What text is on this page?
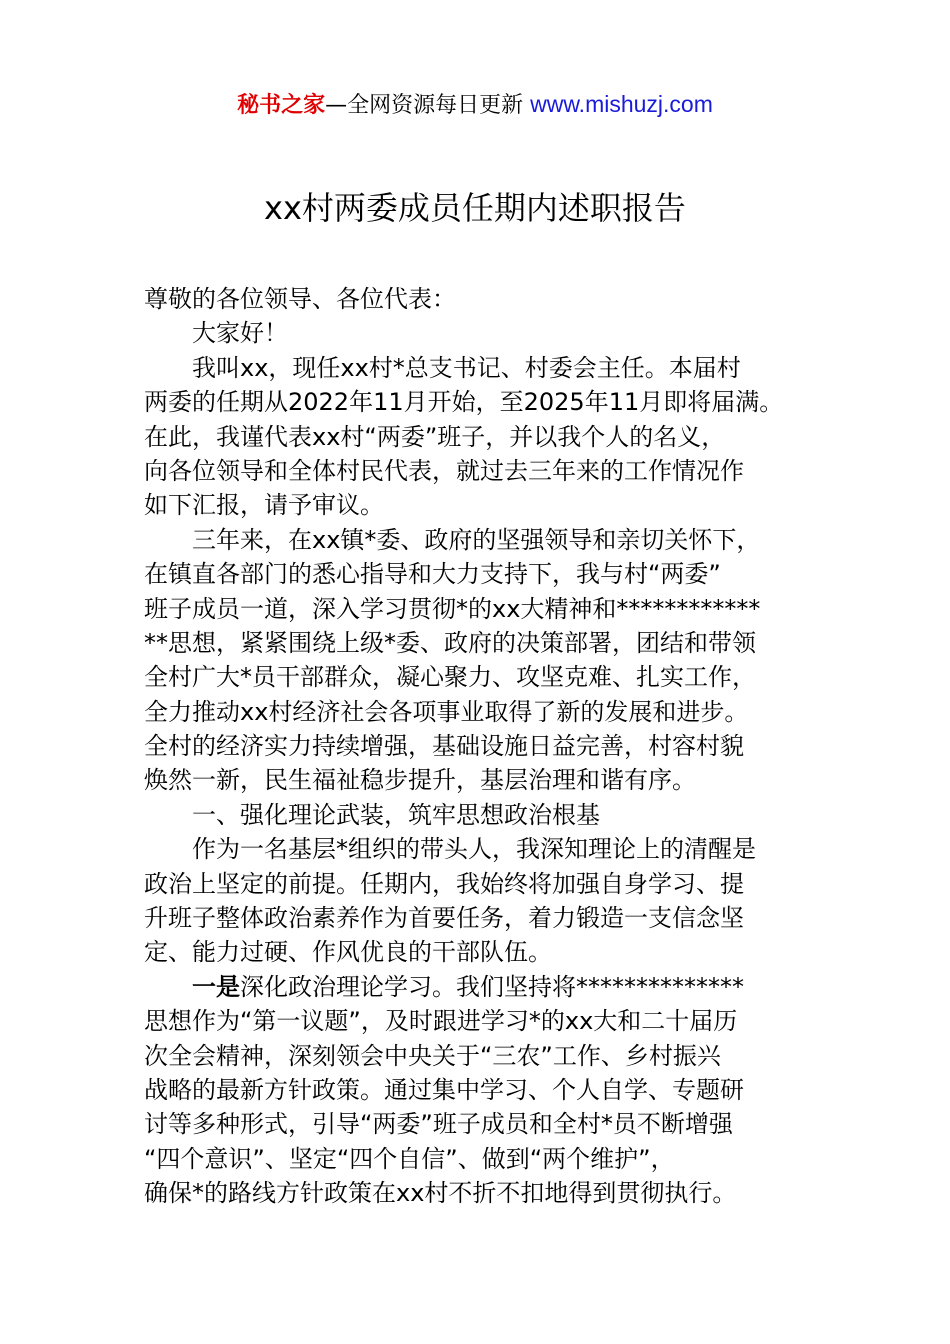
秘书之家—全网资源每日更新 www.mishuzj.com
xx村两委成员任期内述职报告
尊敬的各位领导、各位代表：
大家好！
我叫xx，现任xx村*总支书记、村委会主任。本届村
两委的任期从2022年11月开始，至2025年11月即将届满。
在此，我谨代表xx村“两委”班子，并以我个人的名义，
向各位领导和全体村民代表，就过去三年来的工作情况作
如下汇报，请予审议。
三年来，在xx镇*委、政府的坚强领导和亲切关怀下，
在镇直各部门的悉心指导和大力支持下，我与村“两委”
班子成员一道，深入学习贯彻*的xx大精神和************
**思想，紧紧围绕上级*委、政府的决策部署，团结和带领
全村广大*员干部群众，凝心聚力、攻坚克难、扎实工作，
全力推动xx村经济社会各项事业取得了新的发展和进步。
全村的经济实力持续增强，基础设施日益完善，村容村貌
焕然一新，民生福祉稳步提升，基层治理和谐有序。
一、强化理论武装，筑牢思想政治根基
作为一名基层*组织的带头人，我深知理论上的清醒是
政治上坚定的前提。任期内，我始终将加强自身学习、提
升班子整体政治素养作为首要任务，着力锻造一支信念坚
定、能力过硬、作风优良的干部队伍。
一是深化政治理论学习。我们坚持将**************
思想作为“第一议题”，及时跟进学习*的xx大和二十届历
次全会精神，深刻领会中央关于“三农”工作、乡村振兴
战略的最新方针政策。通过集中学习、个人自学、专题研
讨等多种形式，引导“两委”班子成员和全村*员不断增强
“四个意识”、坚定“四个自信”、做到“两个维护”，
确保*的路线方针政策在xx村不折不扣地得到贯彻执行。
